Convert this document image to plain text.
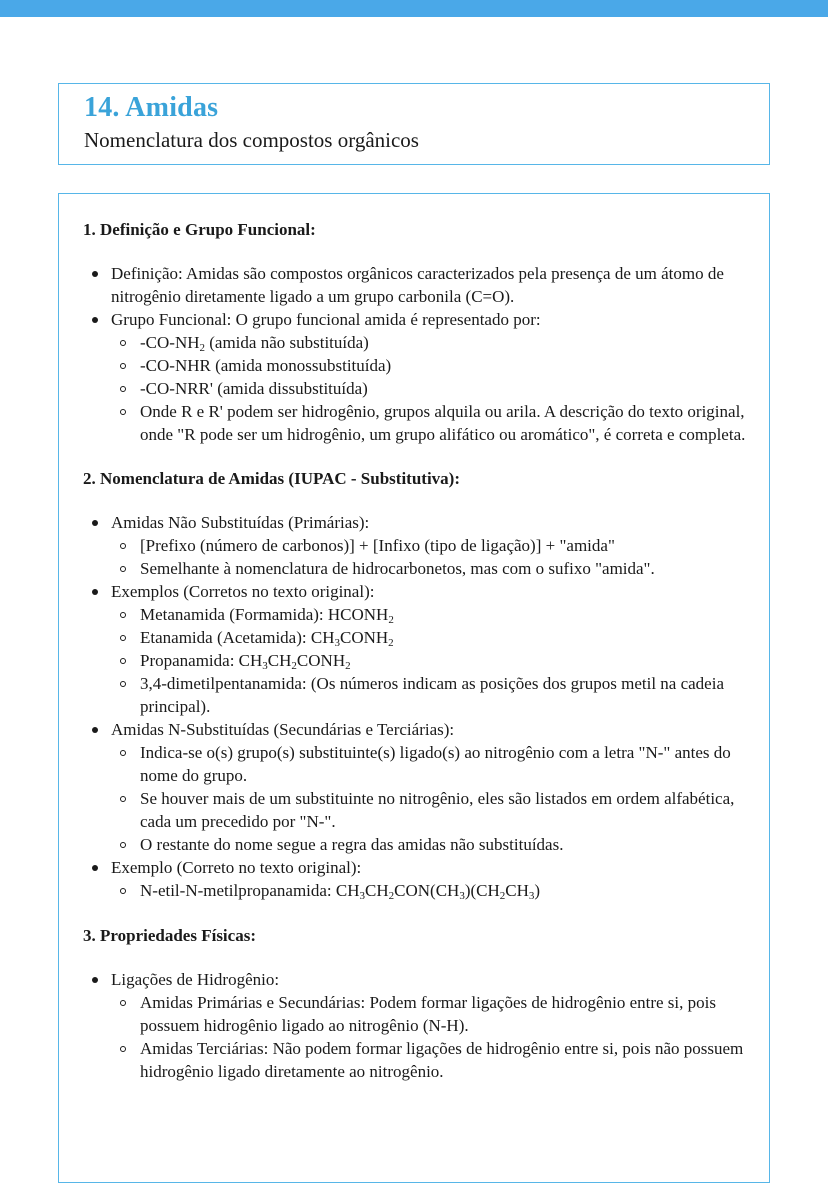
14. Amidas
Nomenclatura dos compostos orgânicos
1. Definição e Grupo Funcional:
Definição: Amidas são compostos orgânicos caracterizados pela presença de um átomo de nitrogênio diretamente ligado a um grupo carbonila (C=O).
Grupo Funcional: O grupo funcional amida é representado por:
$-CO-NH_2$ (amida não substituída)
-CO-NHR (amida monossubstituída)
-CO-NRR' (amida dissubstituída)
Onde R e R' podem ser hidrogênio, grupos alquila ou arila. A descrição do texto original, onde "R pode ser um hidrogênio, um grupo alifático ou aromático", é correta e completa.
2. Nomenclatura de Amidas (IUPAC - Substitutiva):
Amidas Não Substituídas (Primárias):
[Prefixo (número de carbonos)] + [Infixo (tipo de ligação)] + "amida"
Semelhante à nomenclatura de hidrocarbonetos, mas com o sufixo "amida".
Exemplos (Corretos no texto original):
Metanamida (Formamida): $HCONH_2$
Etanamida (Acetamida): $CH_3CONH_2$
Propanamida: $CH_3CH_2CONH_2$
3,4-dimetilpentanamida: (Os números indicam as posições dos grupos metil na cadeia principal).
Amidas N-Substituídas (Secundárias e Terciárias):
Indica-se o(s) grupo(s) substituinte(s) ligado(s) ao nitrogênio com a letra "N-" antes do nome do grupo.
Se houver mais de um substituinte no nitrogênio, eles são listados em ordem alfabética, cada um precedido por "N-".
O restante do nome segue a regra das amidas não substituídas.
Exemplo (Correto no texto original):
N-etil-N-metilpropanamida: $CH_3CH_2CON(CH_3)(CH_2CH_3)$
3. Propriedades Físicas:
Ligações de Hidrogênio:
Amidas Primárias e Secundárias: Podem formar ligações de hidrogênio entre si, pois possuem hidrogênio ligado ao nitrogênio (N-H).
Amidas Terciárias: Não podem formar ligações de hidrogênio entre si, pois não possuem hidrogênio ligado diretamente ao nitrogênio.
